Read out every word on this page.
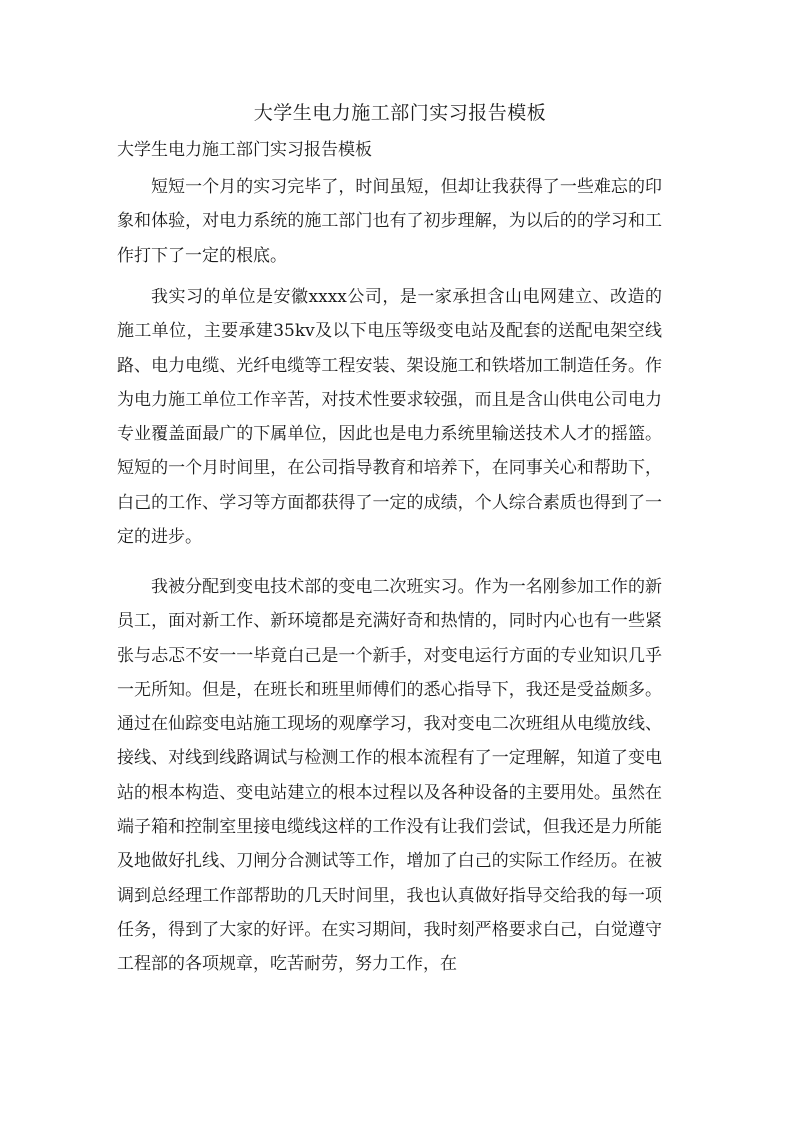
大学生电力施工部门实习报告模板
大学生电力施工部门实习报告模板

短短一个月的实习完毕了，时间虽短，但却让我获得了一些难忘的印象和体验，对电力系统的施工部门也有了初步理解，为以后的的学习和工作打下了一定的根底。

我实习的单位是安徽xxxx公司，是一家承担含山电网建立、改造的施工单位，主要承建35kv及以下电压等级变电站及配套的送配电架空线路、电力电缆、光纤电缆等工程安装、架设施工和铁塔加工制造任务。作为电力施工单位工作辛苦，对技术性要求较强，而且是含山供电公司电力专业覆盖面最广的下属单位，因此也是电力系统里输送技术人才的摇篮。短短的一个月时间里，在公司指导教育和培养下，在同事关心和帮助下，白己的工作、学习等方面都获得了一定的成绩，个人综合素质也得到了一定的进步。

我被分配到变电技术部的变电二次班实习。作为一名刚参加工作的新员工，面对新工作、新环境都是充满好奇和热情的，同时内心也有一些紧张与忐忑不安一一毕竟白己是一个新手，对变电运行方面的专业知识几乎一无所知。但是，在班长和班里师傅们的悉心指导下，我还是受益颇多。通过在仙踪变电站施工现场的观摩学习，我对变电二次班组从电缆放线、接线、对线到线路调试与检测工作的根本流程有了一定理解，知道了变电站的根本构造、变电站建立的根本过程以及各种设备的主要用处。虽然在端子箱和控制室里接电缆线这样的工作没有让我们尝试，但我还是力所能及地做好扎线、刀闸分合测试等工作，增加了白己的实际工作经历。在被调到总经理工作部帮助的几天时间里，我也认真做好指导交给我的每一项任务，得到了大家的好评。在实习期间，我时刻严格要求白己，白觉遵守工程部的各项规章，吃苦耐劳，努力工作，在
